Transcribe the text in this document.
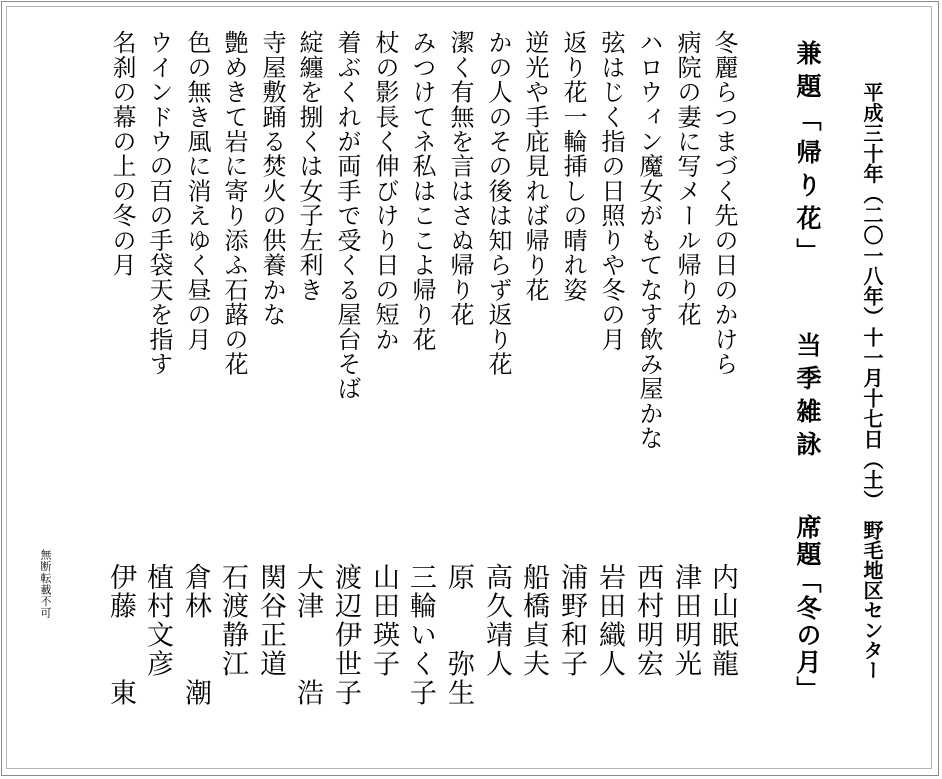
平成三十年（二〇一八年）十一月十七日（土）
野毛地区センター
兼題「帰り花」
当季雑詠
席題「冬の月」
冬麗らつまづく先の日のかけら
内山眠龍
病院の妻に写メール帰り花
津田明光
ハロウィン魔女がもてなす飲み屋かな
西村明宏
弦はじく指の日照りや冬の月
岩田織人
返り花一輪挿しの晴れ姿
浦野和子
逆光や手庇見れば帰り花
船橋貞夫
かの人のその後は知らず返り花
高久靖人
潔く有無を言はさぬ帰り花
原　　弥生
みつけてネ私はここよ帰り花
三輪いく子
杖の影長く伸びけり日の短か
山田瑛子
着ぶくれが両手で受くる屋台そば
渡辺伊世子
綻纏を捌くは女子左利き
大津　　浩
寺屋敷踊る焚火の供養かな
関谷正道
艶めきて岩に寄り添ふ石蕗の花
石渡静江
色の無き風に消えゆく昼の月
倉林　　潮
ウインドウの百の手袋天を指す
植村文彦
名刹の幕の上の冬の月
伊藤　　東
無断転載不可
